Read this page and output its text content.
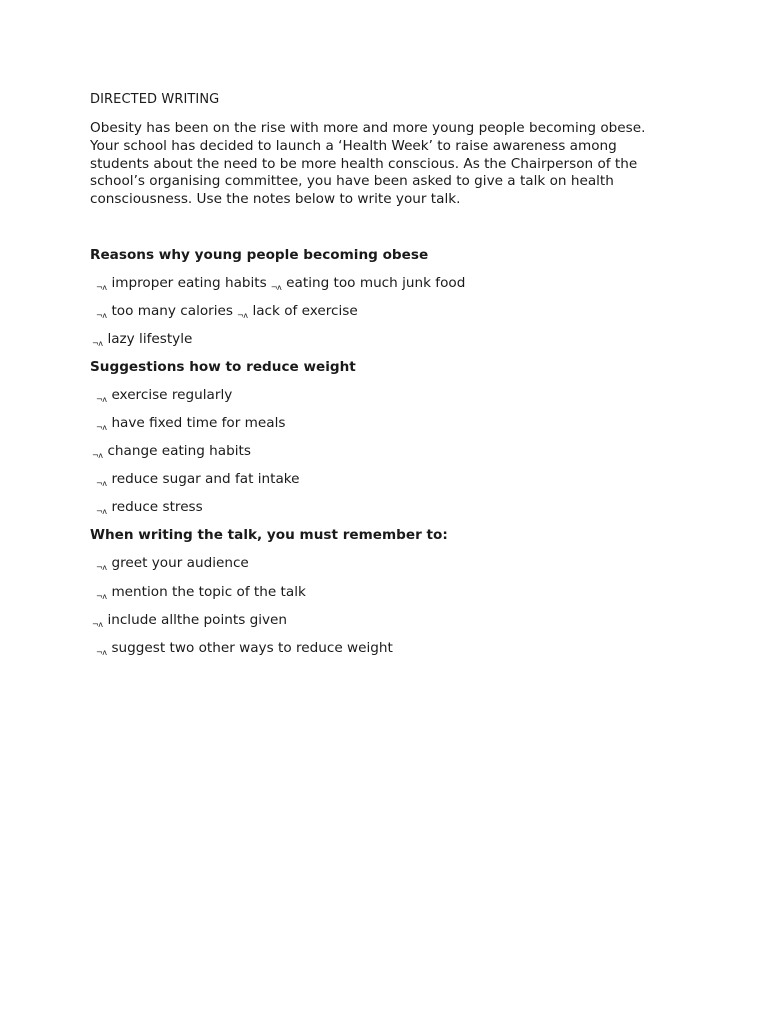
DIRECTED WRITING
Obesity has been on the rise with more and more young people becoming obese.
Your school has decided to launch a ‘Health Week’ to raise awareness among
students about the need to be more health conscious. As the Chairperson of the
school’s organising committee, you have been asked to give a talk on health
consciousness. Use the notes below to write your talk.
Reasons why young people becoming obese
¬ʌ improper eating habits ¬ʌ eating too much junk food
¬ʌ too many calories ¬ʌ lack of exercise
¬ʌ lazy lifestyle
Suggestions how to reduce weight
¬ʌ exercise regularly
¬ʌ have fixed time for meals
¬ʌ change eating habits
¬ʌ reduce sugar and fat intake
¬ʌ reduce stress
When writing the talk, you must remember to:
¬ʌ greet your audience
¬ʌ mention the topic of the talk
¬ʌ include allthe points given
¬ʌ suggest two other ways to reduce weight
